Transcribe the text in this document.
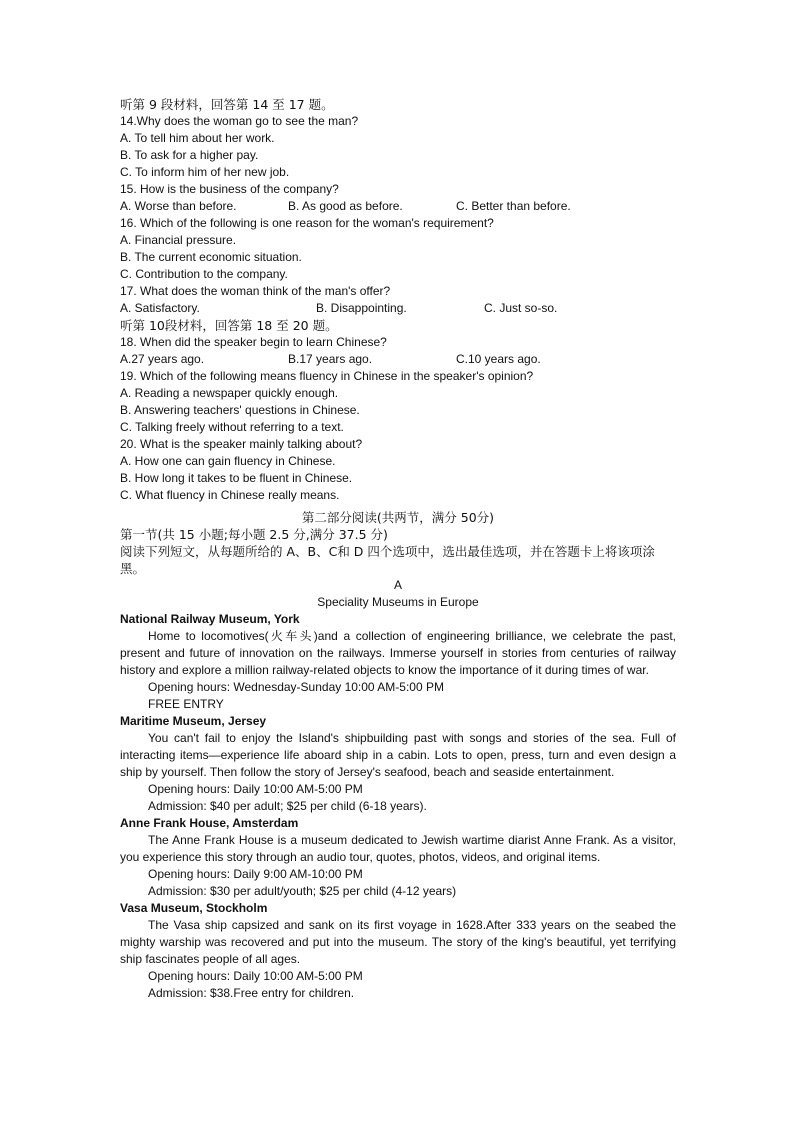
听第 9 段材料，回答第 14 至 17 题。
14.Why does the woman go to see the man?
A. To tell him about her work.
B. To ask for a higher pay.
C. To inform him of her new job.
15. How is the business of the company?
A. Worse than before.	B. As good as before.	C. Better than before.
16. Which of the following is one reason for the woman's requirement?
A. Financial pressure.
B. The current economic situation.
C. Contribution to the company.
17. What does the woman think of the man's offer?
A. Satisfactory.	B. Disappointing.	C. Just so-so.
听第 10段材料，回答第 18 至 20 题。
18. When did the speaker begin to learn Chinese?
A.27 years ago.	B.17 years ago.	C.10 years ago.
19. Which of the following means fluency in Chinese in the speaker's opinion?
A. Reading a newspaper quickly enough.
B. Answering teachers' questions in Chinese.
C. Talking freely without referring to a text.
20. What is the speaker mainly talking about?
A. How one can gain fluency in Chinese.
B. How long it takes to be fluent in Chinese.
C. What fluency in Chinese really means.
第二部分阅读(共两节，满分 50分)
第一节(共 15 小题;每小题 2.5 分,满分 37.5 分)
阅读下列短文，从每题所给的 A、B、C和 D 四个选项中，选出最佳选项，并在答题卡上将该项涂黑。
A
Speciality Museums in Europe
National Railway Museum, York
Home to locomotives(火车头)and a collection of engineering brilliance, we celebrate the past, present and future of innovation on the railways. Immerse yourself in stories from centuries of railway history and explore a million railway-related objects to know the importance of it during times of war.
Opening hours: Wednesday-Sunday 10:00 AM-5:00 PM
FREE ENTRY
Maritime Museum, Jersey
You can't fail to enjoy the Island's shipbuilding past with songs and stories of the sea. Full of interacting items—experience life aboard ship in a cabin. Lots to open, press, turn and even design a ship by yourself. Then follow the story of Jersey's seafood, beach and seaside entertainment.
Opening hours: Daily 10:00 AM-5:00 PM
Admission: $40 per adult; $25 per child (6-18 years).
Anne Frank House, Amsterdam
The Anne Frank House is a museum dedicated to Jewish wartime diarist Anne Frank. As a visitor, you experience this story through an audio tour, quotes, photos, videos, and original items.
Opening hours: Daily 9:00 AM-10:00 PM
Admission: $30 per adult/youth; $25 per child (4-12 years)
Vasa Museum, Stockholm
The Vasa ship capsized and sank on its first voyage in 1628.After 333 years on the seabed the mighty warship was recovered and put into the museum. The story of the king's beautiful, yet terrifying ship fascinates people of all ages.
Opening hours: Daily 10:00 AM-5:00 PM
Admission: $38.Free entry for children.
